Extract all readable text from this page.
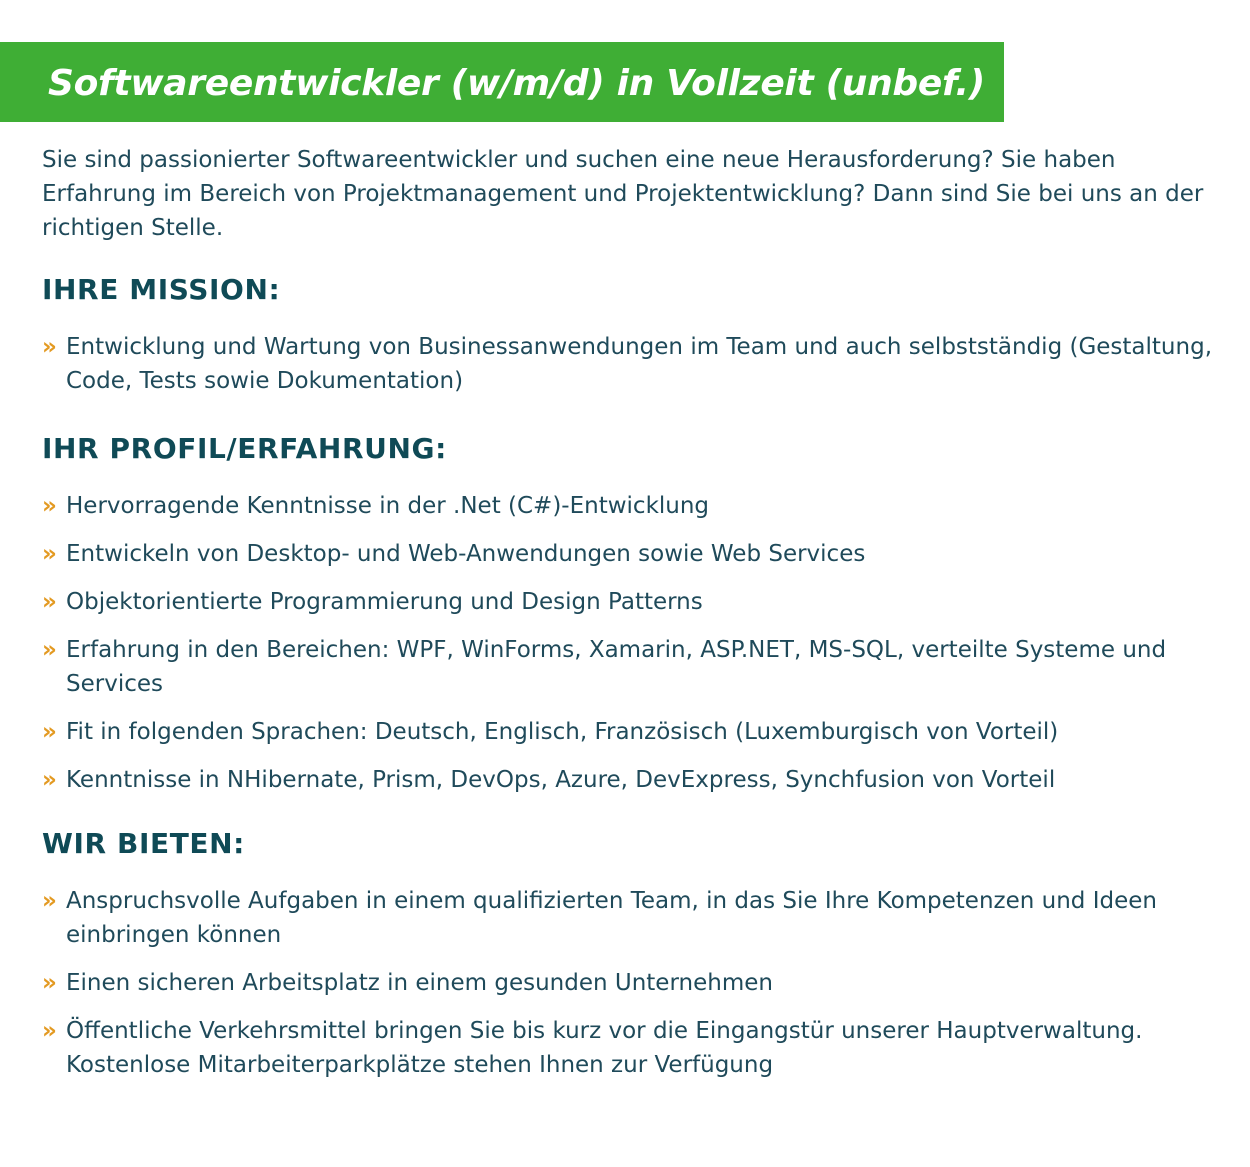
Softwareentwickler (w/m/d) in Vollzeit (unbef.)

Sie sind passionierter Softwareentwickler und suchen eine neue Herausforderung? Sie haben Erfahrung im Bereich von Projektmanagement und Projektentwicklung? Dann sind Sie bei uns an der richtigen Stelle.

IHRE MISSION:
» Entwicklung und Wartung von Businessanwendungen im Team und auch selbstständig (Gestaltung, Code, Tests sowie Dokumentation)
IHR PROFIL/ERFAHRUNG:
» Hervorragende Kenntnisse in der .Net (C#)-Entwicklung
» Entwickeln von Desktop- und Web-Anwendungen sowie Web Services
» Objektorientierte Programmierung und Design Patterns
» Erfahrung in den Bereichen: WPF, WinForms, Xamarin, ASP.NET, MS-SQL, verteilte Systeme und Services
» Fit in folgenden Sprachen: Deutsch, Englisch, Französisch (Luxemburgisch von Vorteil)
» Kenntnisse in NHibernate, Prism, DevOps, Azure, DevExpress, Synchfusion von Vorteil
WIR BIETEN:
» Anspruchsvolle Aufgaben in einem qualifizierten Team, in das Sie Ihre Kompetenzen und Ideen einbringen können
» Einen sicheren Arbeitsplatz in einem gesunden Unternehmen
» Öffentliche Verkehrsmittel bringen Sie bis kurz vor die Eingangstür unserer Hauptverwaltung. Kostenlose Mitarbeiterparkplätze stehen Ihnen zur Verfügung
